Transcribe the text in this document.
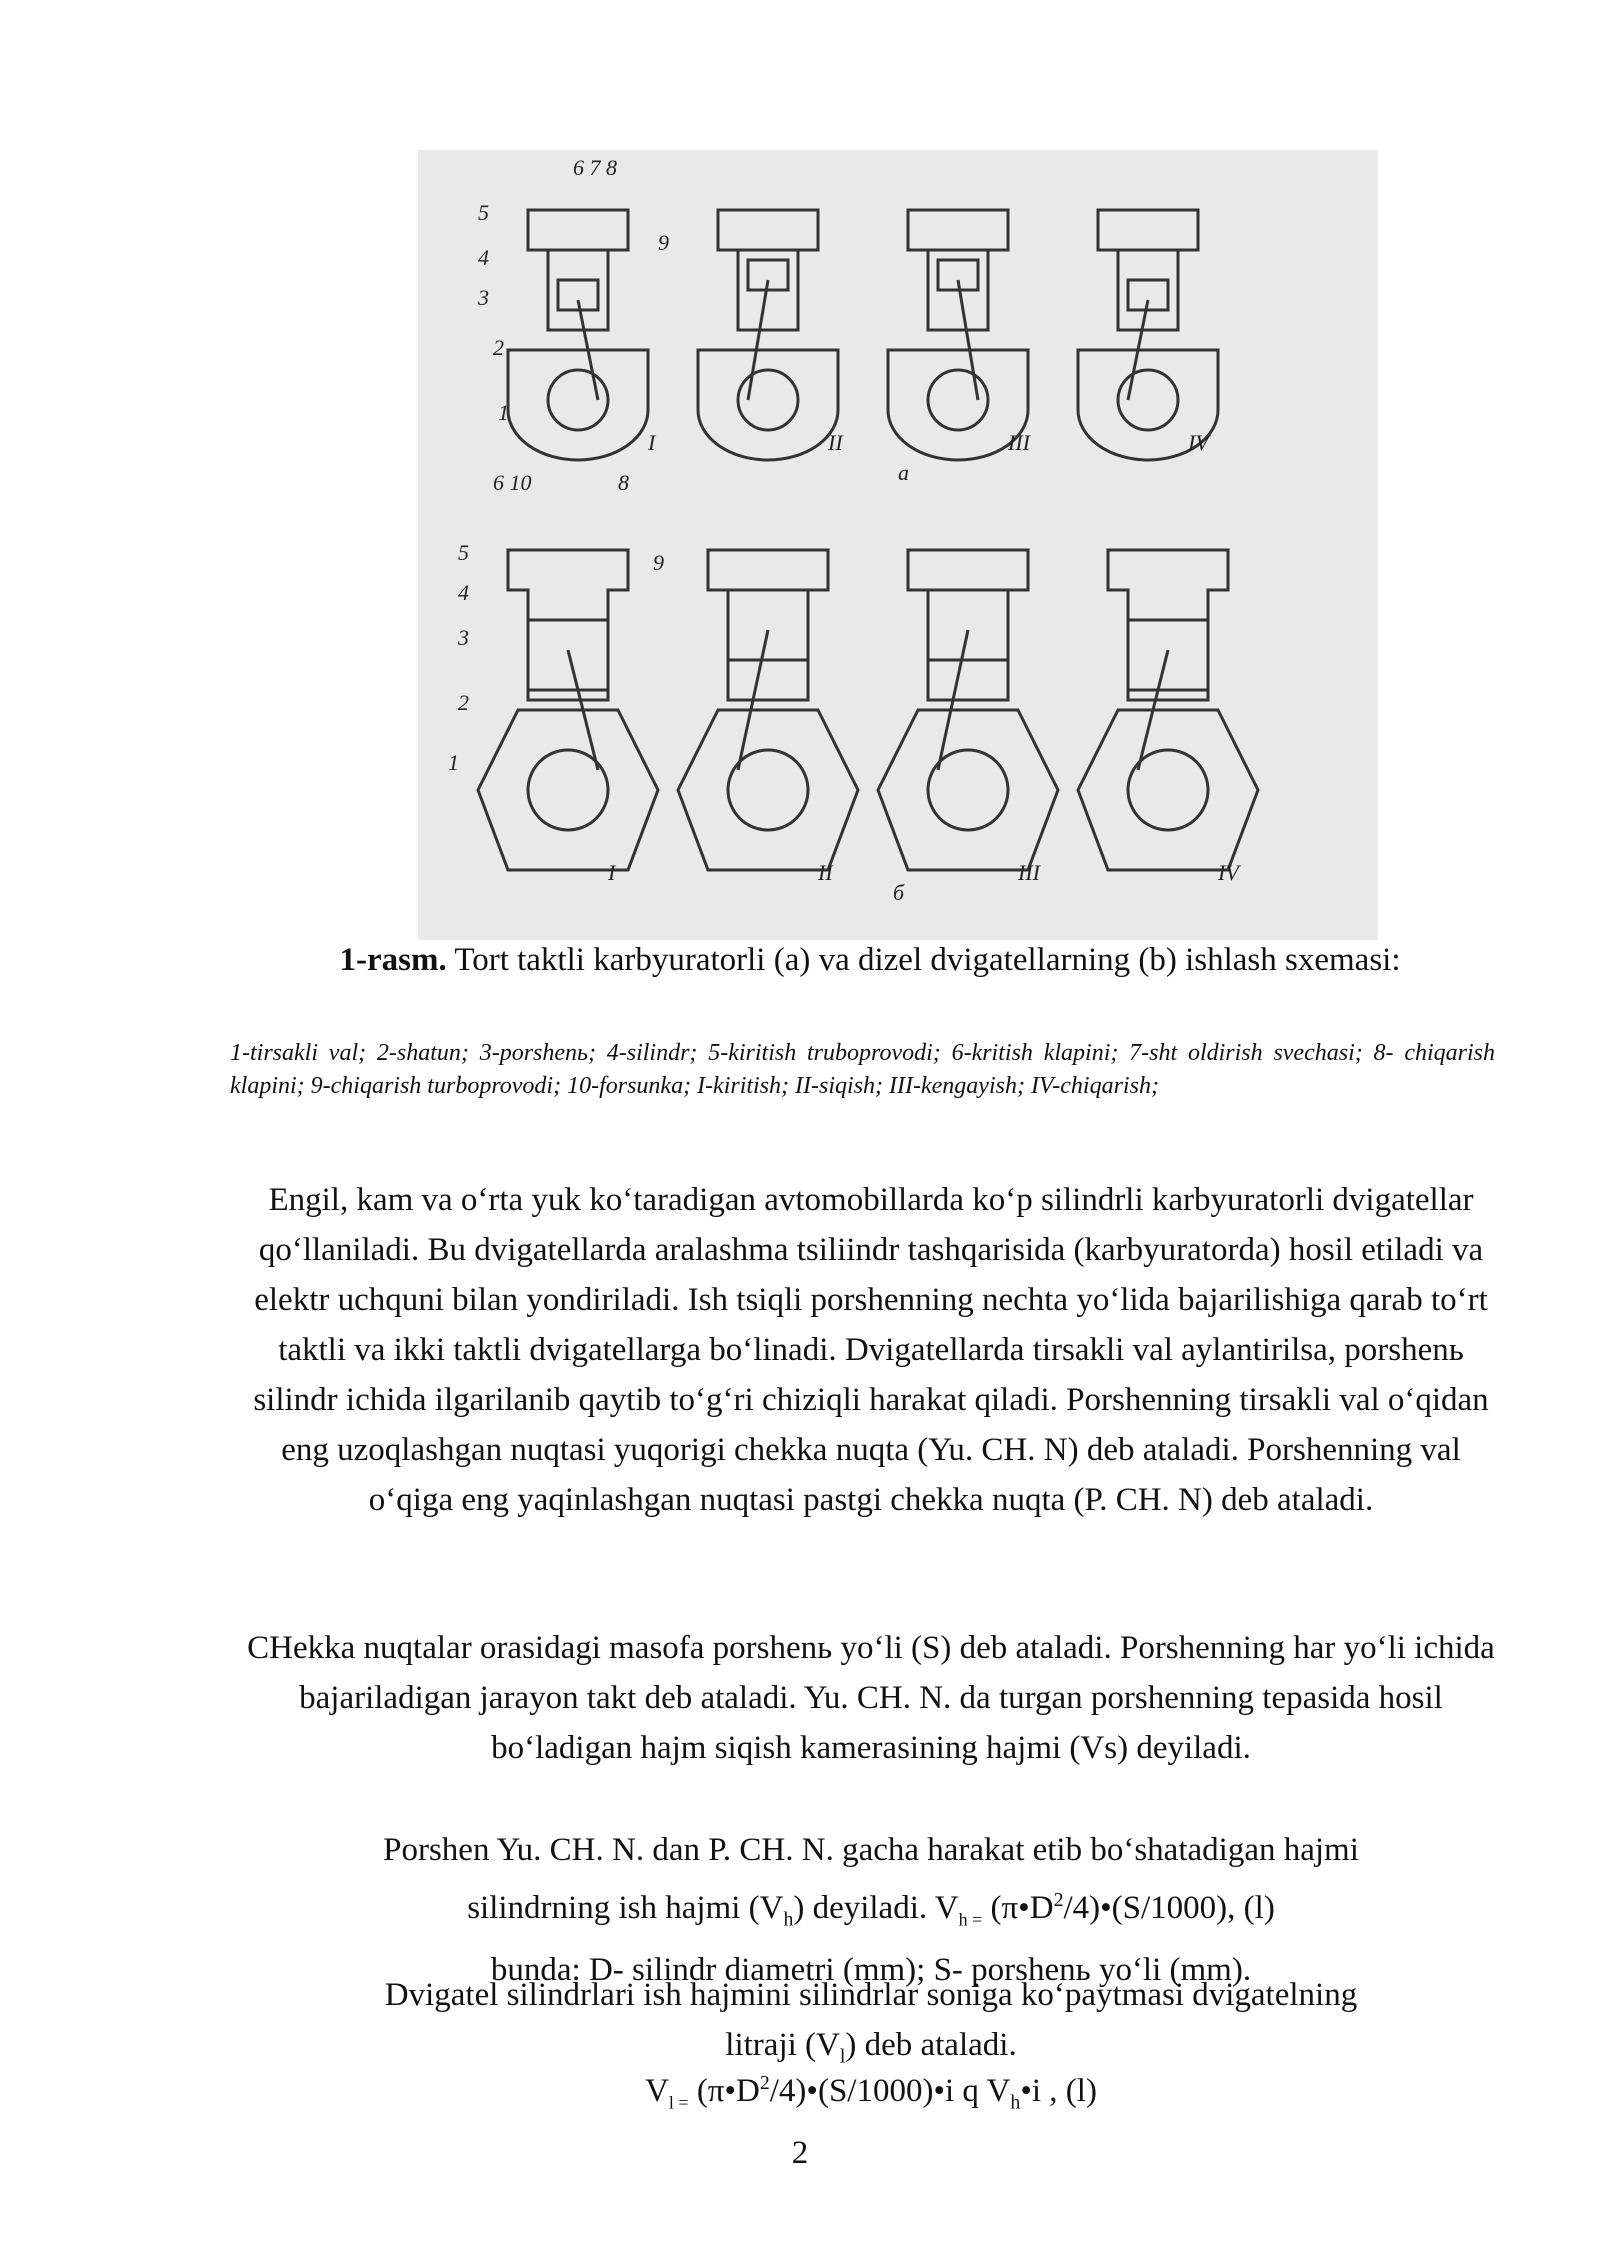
6 7 8
5
4
3
2
1
9
I	II	III	IV
a
6 10	8
5
4
3
2
1
9
I	II	III	IV
б
1-rasm. Tort taktli karbyuratorli (a) va dizel dvigatellarning (b) ishlash sxemasi:
1-tirsakli val; 2-shatun; 3-porshenь; 4-silindr; 5-kiritish truboprovodi; 6-kritish klapini; 7-sht oldirish svechasi; 8- chiqarish klapini; 9-chiqarish turboprovodi; 10-forsunka; I-kiritish; II-siqish; III-kengayish; IV-chiqarish;
Engil, kam va o‘rta yuk ko‘taradigan avtomobillarda ko‘p silindrli karbyuratorli dvigatellar qo‘llaniladi. Bu dvigatellarda aralashma tsiliindr tashqarisida (karbyuratorda) hosil etiladi va elektr uchquni bilan yondiriladi. Ish tsiqli porshenning nechta yo‘lida bajarilishiga qarab to‘rt taktli va ikki taktli dvigatellarga bo‘linadi. Dvigatellarda tirsakli val aylantirilsa, porshenь silindr ichida ilgarilanib qaytib to‘g‘ri chiziqli harakat qiladi. Porshenning tirsakli val o‘qidan eng uzoqlashgan nuqtasi yuqorigi chekka nuqta (Yu. CH. N) deb ataladi. Porshenning val o‘qiga eng yaqinlashgan nuqtasi pastgi chekka nuqta (P. CH. N) deb ataladi.
CHekka nuqtalar orasidagi masofa porshenь yo‘li (S) deb ataladi. Porshenning har yo‘li ichida bajariladigan jarayon takt deb ataladi. Yu. CH. N. da turgan porshenning tepasida hosil bo‘ladigan hajm siqish kamerasining hajmi (Vs) deyiladi.
Porshen Yu. CH. N. dan P. CH. N. gacha harakat etib bo‘shatadigan hajmi
silindrning ish hajmi $(V_h)$ deyiladi. $V_{h =}$ $(\pi•D^2/4)•(S/1000)$, (l)
bunda: D- silindr diametri (mm); S- porshenь yo‘li (mm).
Dvigatel silindrlari ish hajmini silindrlar soniga ko‘paytmasi dvigatelning
litraji $(V_l)$ deb ataladi.
$V_{l =}$ $(\pi•D^2/4)•(S/1000)•i$ q $V_h•i$ , (l)
2
